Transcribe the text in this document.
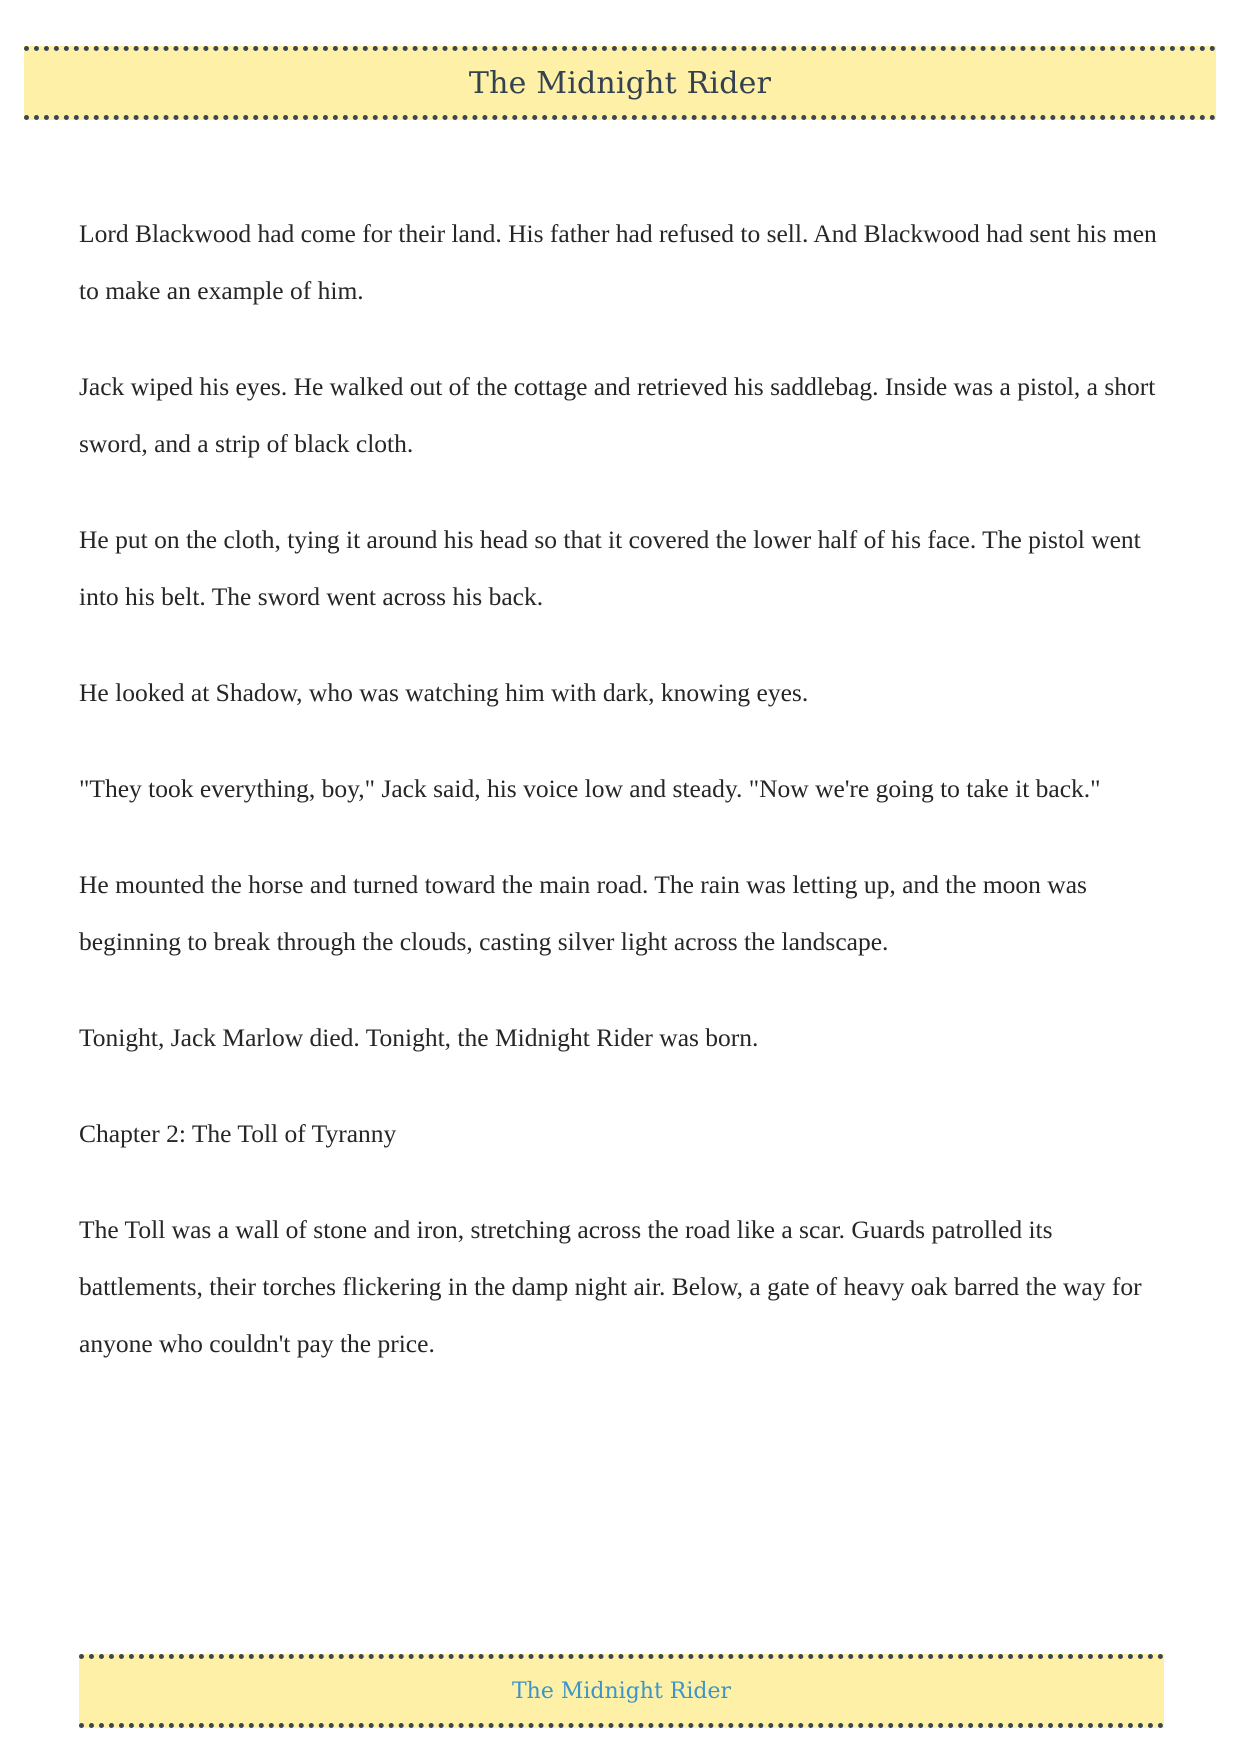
The Midnight Rider

Lord Blackwood had come for their land. His father had refused to sell. And Blackwood had sent his men to make an example of him.

Jack wiped his eyes. He walked out of the cottage and retrieved his saddlebag. Inside was a pistol, a short sword, and a strip of black cloth.

He put on the cloth, tying it around his head so that it covered the lower half of his face. The pistol went into his belt. The sword went across his back.

He looked at Shadow, who was watching him with dark, knowing eyes.

"They took everything, boy," Jack said, his voice low and steady. "Now we're going to take it back."

He mounted the horse and turned toward the main road. The rain was letting up, and the moon was beginning to break through the clouds, casting silver light across the landscape.

Tonight, Jack Marlow died. Tonight, the Midnight Rider was born.

Chapter 2: The Toll of Tyranny

The Toll was a wall of stone and iron, stretching across the road like a scar. Guards patrolled its battlements, their torches flickering in the damp night air. Below, a gate of heavy oak barred the way for anyone who couldn't pay the price.

The Midnight Rider
